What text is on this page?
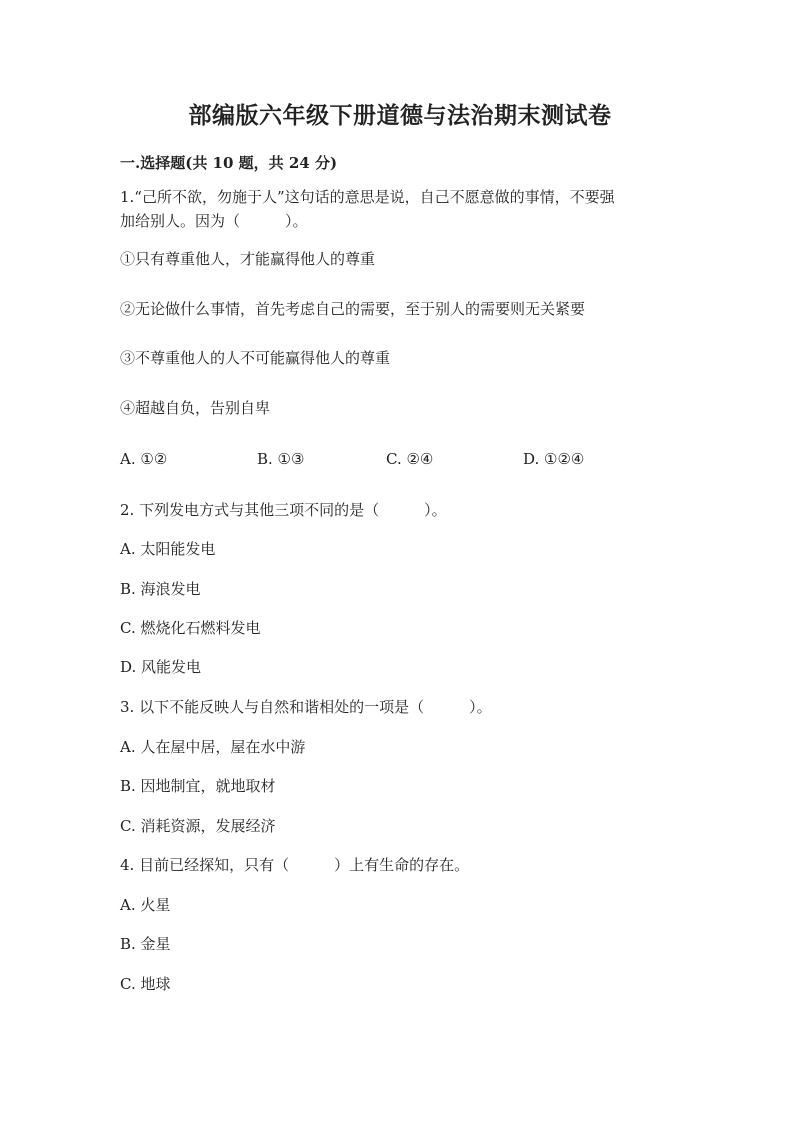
部编版六年级下册道德与法治期末测试卷
一.选择题(共 10 题，共 24 分)
1.“己所不欲，勿施于人”这句话的意思是说，自己不愿意做的事情，不要强
加给别人。因为（　　　）。
①只有尊重他人，才能赢得他人的尊重
②无论做什么事情，首先考虑自己的需要，至于别人的需要则无关紧要
③不尊重他人的人不可能赢得他人的尊重
④超越自负，告别自卑
A. ①②	B. ①③	C. ②④	D. ①②④
2. 下列发电方式与其他三项不同的是（　　　）。
A. 太阳能发电
B. 海浪发电
C. 燃烧化石燃料发电
D. 风能发电
3. 以下不能反映人与自然和谐相处的一项是（　　　）。
A. 人在屋中居，屋在水中游
B. 因地制宜，就地取材
C. 消耗资源，发展经济
4. 目前已经探知，只有（　　　）上有生命的存在。
A. 火星
B. 金星
C. 地球
